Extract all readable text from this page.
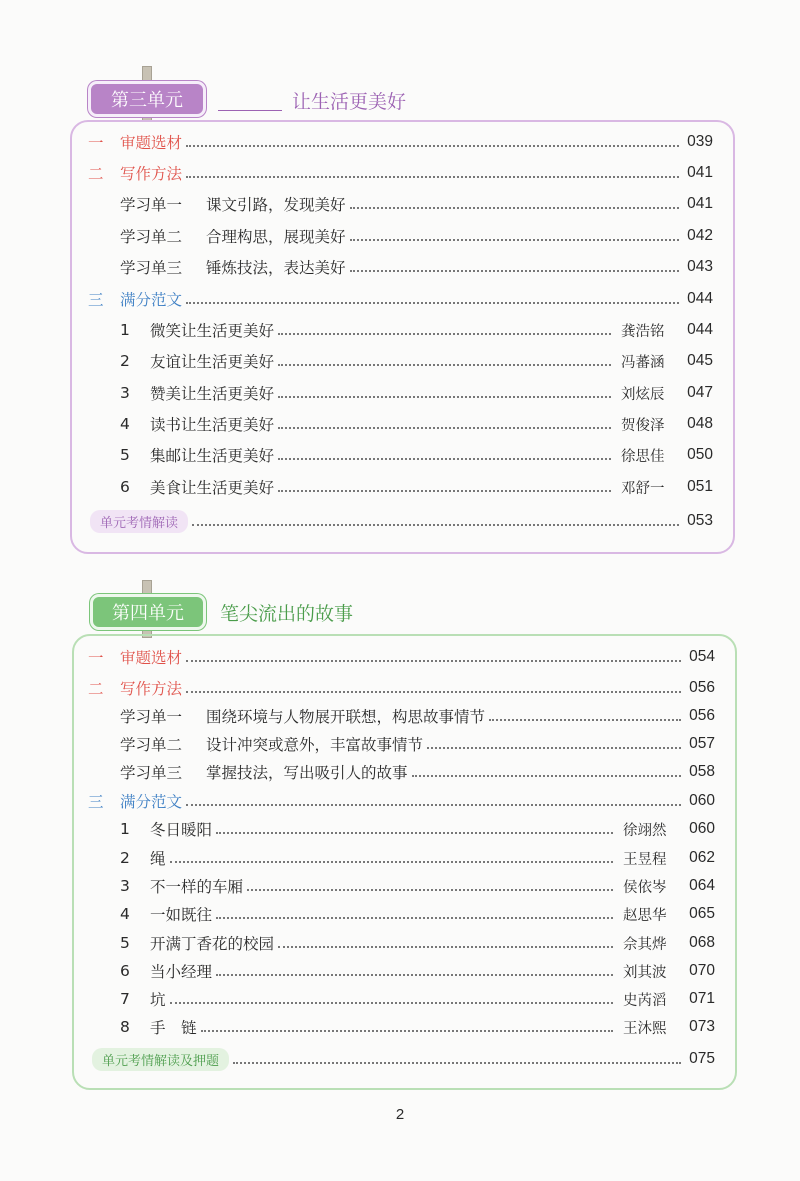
第三单元	让生活更美好
一	审题选材	039
二	写作方法	041
学习单一	课文引路，发现美好	041
学习单二	合理构思，展现美好	042
学习单三	锤炼技法，表达美好	043
三	满分范文	044
1	微笑让生活更美好	龚浩铭	044
2	友谊让生活更美好	冯蕃涵	045
3	赞美让生活更美好	刘炫辰	047
4	读书让生活更美好	贺俊泽	048
5	集邮让生活更美好	徐思佳	050
6	美食让生活更美好	邓舒一	051
单元考情解读	053
第四单元	笔尖流出的故事
一	审题选材	054
二	写作方法	056
学习单一	围绕环境与人物展开联想，构思故事情节	056
学习单二	设计冲突或意外，丰富故事情节	057
学习单三	掌握技法，写出吸引人的故事	058
三	满分范文	060
1	冬日暖阳	徐翊然	060
2	绳	王昱程	062
3	不一样的车厢	侯依岑	064
4	一如既往	赵思华	065
5	开满丁香花的校园	佘其烨	068
6	当小经理	刘其波	070
7	坑	史芮滔	071
8	手　链	王沐熙	073
单元考情解读及押题	075
2
